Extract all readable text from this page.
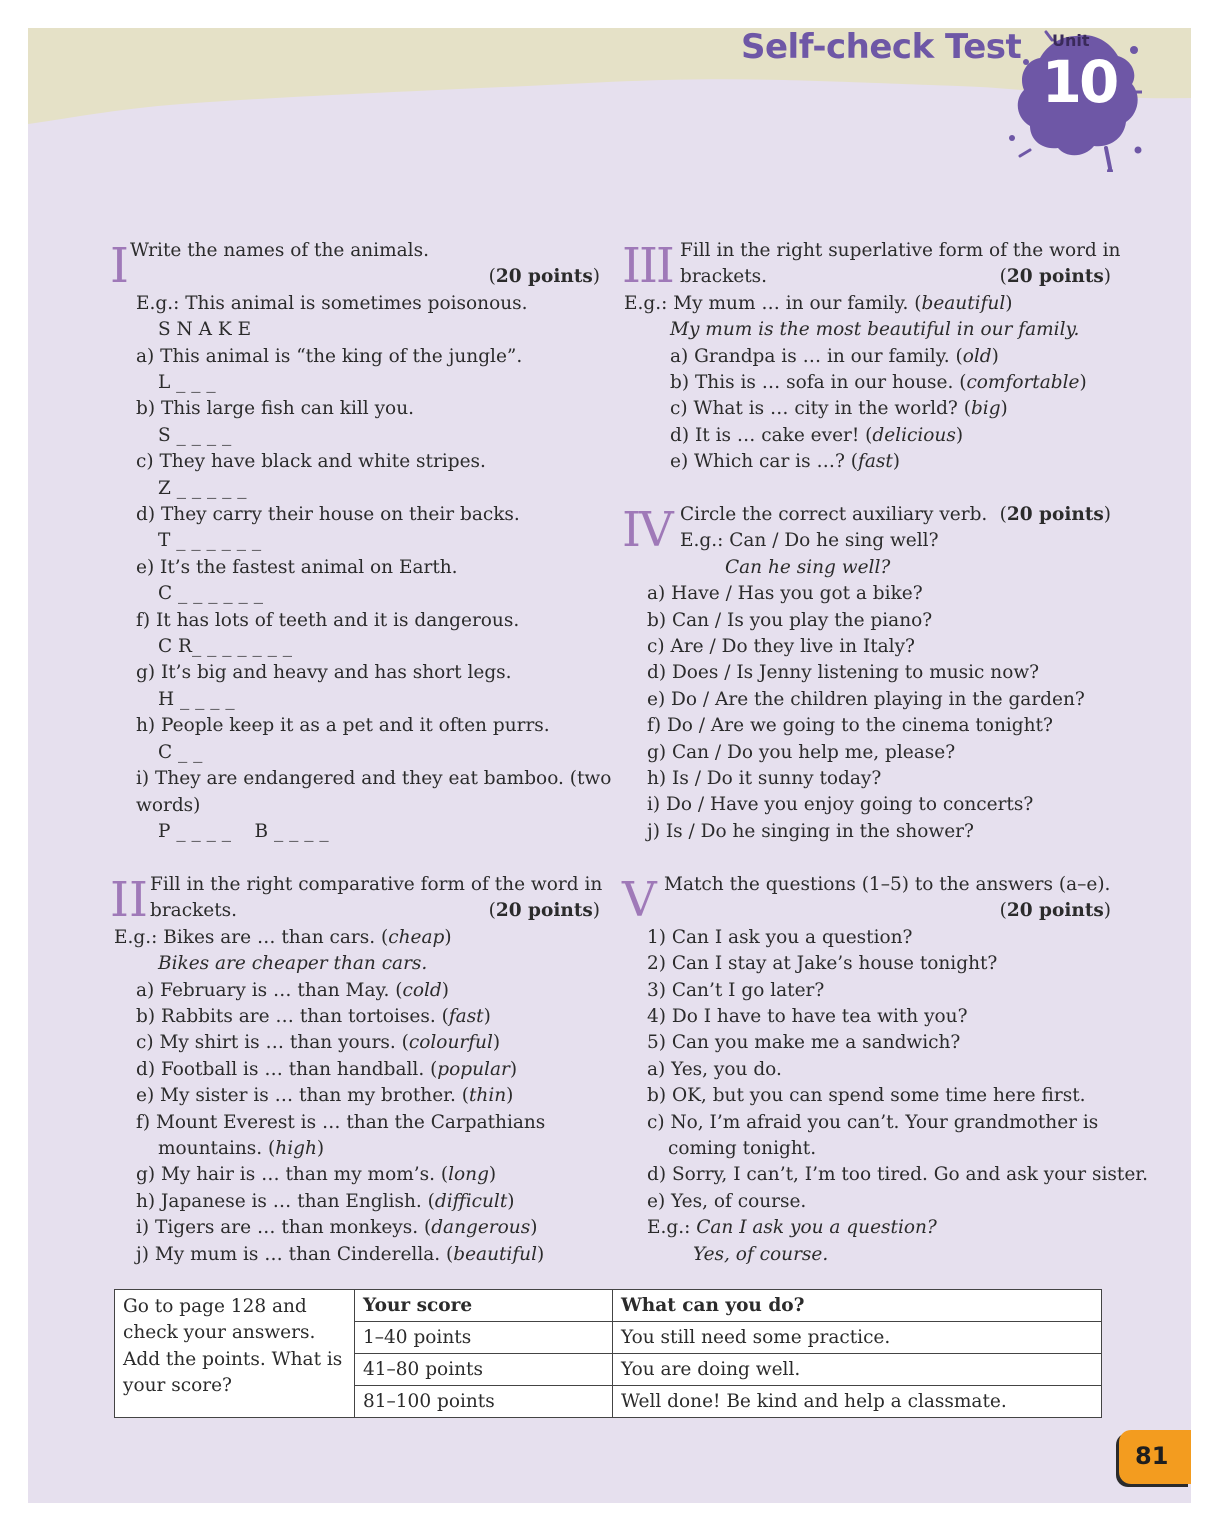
Self-check Test Unit
10
I Write the names of the animals.
(20 points)
E.g.: This animal is sometimes poisonous.
S N A K E
a) This animal is “the king of the jungle”.
L _ _ _
b) This large fish can kill you.
S _ _ _ _
c) They have black and white stripes.
Z _ _ _ _ _
d) They carry their house on their backs.
T _ _ _ _ _ _
e) It’s the fastest animal on Earth.
C _ _ _ _ _ _
f) It has lots of teeth and it is dangerous.
C R_ _ _ _ _ _ _
g) It’s big and heavy and has short legs.
H _ _ _ _
h) People keep it as a pet and it often purrs.
C _ _
i) They are endangered and they eat bamboo. (two
words)
P _ _ _ _    B _ _ _ _
II Fill in the right comparative form of the word in
brackets.	(20 points)
E.g.: Bikes are … than cars. (cheap)
Bikes are cheaper than cars.
a) February is … than May. (cold)
b) Rabbits are … than tortoises. (fast)
c) My shirt is … than yours. (colourful)
d) Football is … than handball. (popular)
e) My sister is … than my brother. (thin)
f) Mount Everest is … than the Carpathians
mountains. (high)
g) My hair is … than my mom’s. (long)
h) Japanese is … than English. (difficult)
i) Tigers are … than monkeys. (dangerous)
j) My mum is … than Cinderella. (beautiful)
III Fill in the right superlative form of the word in
brackets.	(20 points)
E.g.: My mum … in our family. (beautiful)
My mum is the most beautiful in our family.
a) Grandpa is … in our family. (old)
b) This is … sofa in our house. (comfortable)
c) What is … city in the world? (big)
d) It is … cake ever! (delicious)
e) Which car is …? (fast)
IV Circle the correct auxiliary verb. (20 points)
E.g.: Can / Do he sing well?
Can he sing well?
a) Have / Has you got a bike?
b) Can / Is you play the piano?
c) Are / Do they live in Italy?
d) Does / Is Jenny listening to music now?
e) Do / Are the children playing in the garden?
f) Do / Are we going to the cinema tonight?
g) Can / Do you help me, please?
h) Is / Do it sunny today?
i) Do / Have you enjoy going to concerts?
j) Is / Do he singing in the shower?
V Match the questions (1–5) to the answers (a–e).
(20 points)
1) Can I ask you a question?
2) Can I stay at Jake’s house tonight?
3) Can’t I go later?
4) Do I have to have tea with you?
5) Can you make me a sandwich?
a) Yes, you do.
b) OK, but you can spend some time here first.
c) No, I’m afraid you can’t. Your grandmother is
coming tonight.
d) Sorry, I can’t, I’m too tired. Go and ask your sister.
e) Yes, of course.
E.g.: Can I ask you a question?
Yes, of course.
Go to page 128 and check your answers. Add the points. What is your score?	Your score	What can you do?
	1–40 points	You still need some practice.
	41–80 points	You are doing well.
	81–100 points	Well done! Be kind and help a classmate.
81
